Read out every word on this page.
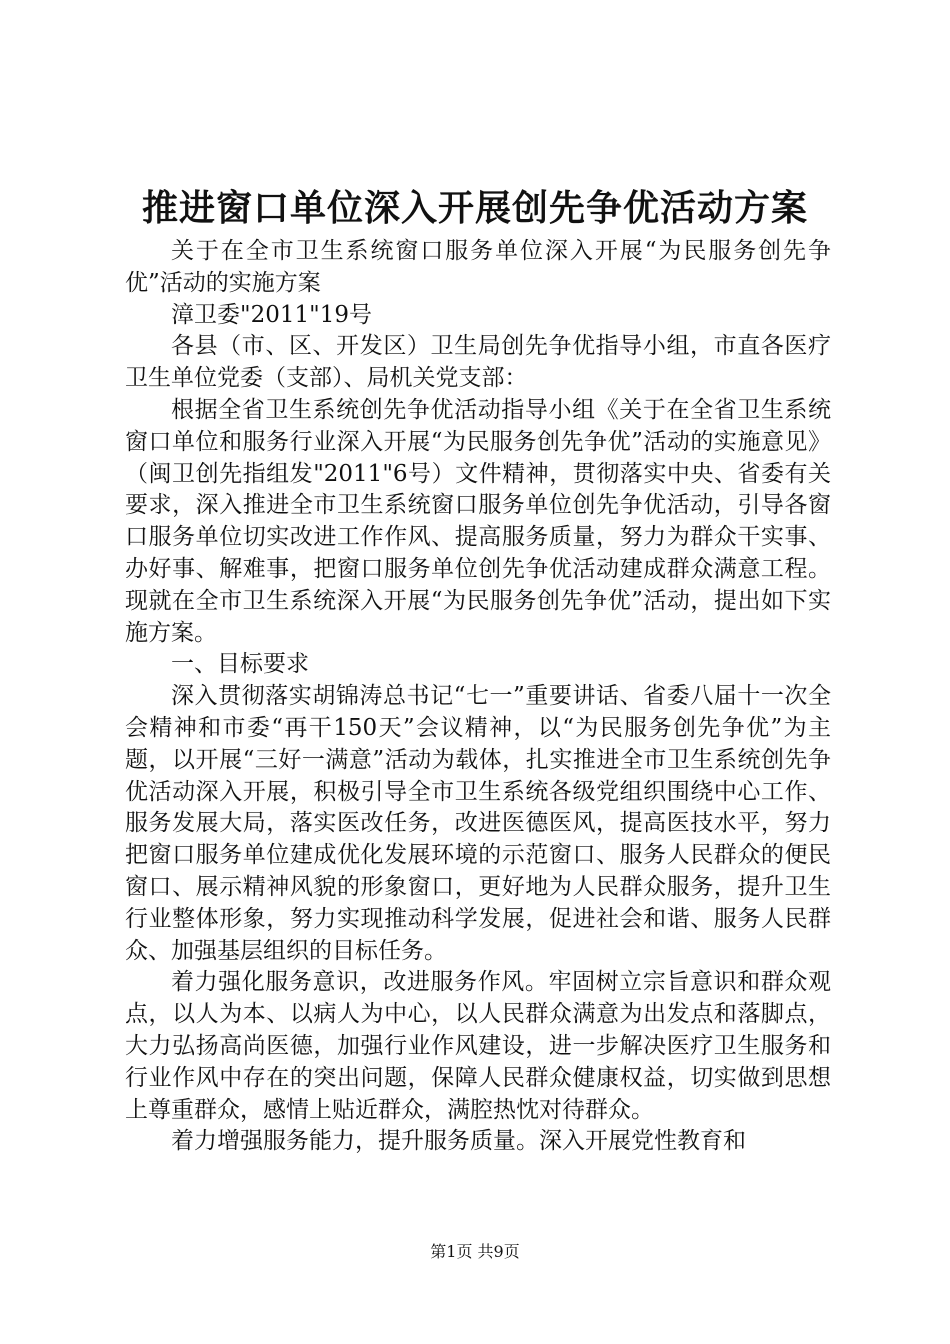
推进窗口单位深入开展创先争优活动方案

关于在全市卫生系统窗口服务单位深入开展“为民服务创先争优”活动的实施方案

漳卫委"2011"19号

各县（市、区、开发区）卫生局创先争优指导小组，市直各医疗卫生单位党委（支部）、局机关党支部：

根据全省卫生系统创先争优活动指导小组《关于在全省卫生系统窗口单位和服务行业深入开展“为民服务创先争优”活动的实施意见》（闽卫创先指组发"2011"6号）文件精神，贯彻落实中央、省委有关要求，深入推进全市卫生系统窗口服务单位创先争优活动，引导各窗口服务单位切实改进工作作风、提高服务质量，努力为群众干实事、办好事、解难事，把窗口服务单位创先争优活动建成群众满意工程。现就在全市卫生系统深入开展“为民服务创先争优”活动，提出如下实施方案。

一、目标要求

深入贯彻落实胡锦涛总书记“七一”重要讲话、省委八届十一次全会精神和市委“再干150天”会议精神，以“为民服务创先争优”为主题，以开展“三好一满意”活动为载体，扎实推进全市卫生系统创先争优活动深入开展，积极引导全市卫生系统各级党组织围绕中心工作、服务发展大局，落实医改任务，改进医德医风，提高医技水平，努力把窗口服务单位建成优化发展环境的示范窗口、服务人民群众的便民窗口、展示精神风貌的形象窗口，更好地为人民群众服务，提升卫生行业整体形象，努力实现推动科学发展，促进社会和谐、服务人民群众、加强基层组织的目标任务。

着力强化服务意识，改进服务作风。牢固树立宗旨意识和群众观点，以人为本、以病人为中心，以人民群众满意为出发点和落脚点，大力弘扬高尚医德，加强行业作风建设，进一步解决医疗卫生服务和行业作风中存在的突出问题，保障人民群众健康权益，切实做到思想上尊重群众，感情上贴近群众，满腔热忱对待群众。

着力增强服务能力，提升服务质量。深入开展党性教育和

第1页 共9页
